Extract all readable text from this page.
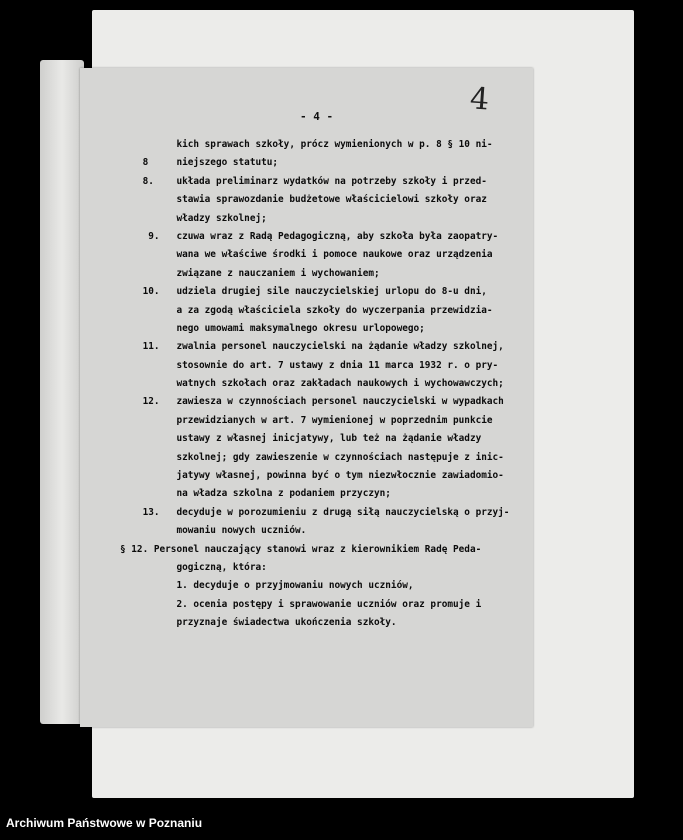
- 4 -	4
kich sprawach szkoły, prócz wymienionych w p. 8 § 10 ni-
8     niejszego statutu;
8.    układa preliminarz wydatków na potrzeby szkoły i przed-
stawia sprawozdanie budżetowe właścicielowi szkoły oraz
władzy szkolnej;
9.   czuwa wraz z Radą Pedagogiczną, aby szkoła była zaopatry-
wana we właściwe środki i pomoce naukowe oraz urządzenia
związane z nauczaniem i wychowaniem;
10.   udziela drugiej sile nauczycielskiej urlopu do 8-u dni,
a za zgodą właściciela szkoły do wyczerpania przewidzia-
nego umowami maksymalnego okresu urlopowego;
11.   zwalnia personel nauczycielski na żądanie władzy szkolnej,
stosownie do art. 7 ustawy z dnia 11 marca 1932 r. o pry-
watnych szkołach oraz zakładach naukowych i wychowawczych;
12.   zawiesza w czynnościach personel nauczycielski w wypadkach
przewidzianych w art. 7 wymienionej w poprzednim punkcie
ustawy z własnej inicjatywy, lub też na żądanie władzy
szkolnej; gdy zawieszenie w czynnościach następuje z inic-
jatywy własnej, powinna być o tym niezwłocznie zawiadomio-
na władza szkolna z podaniem przyczyn;
13.   decyduje w porozumieniu z drugą siłą nauczycielską o przyj-
mowaniu nowych uczniów.
§ 12. Personel nauczający stanowi wraz z kierownikiem Radę Peda-
gogiczną, która:
1. decyduje o przyjmowaniu nowych uczniów,
2. ocenia postępy i sprawowanie uczniów oraz promuje i
przyznaje świadectwa ukończenia szkoły.
Archiwum Państwowe w Poznaniu
